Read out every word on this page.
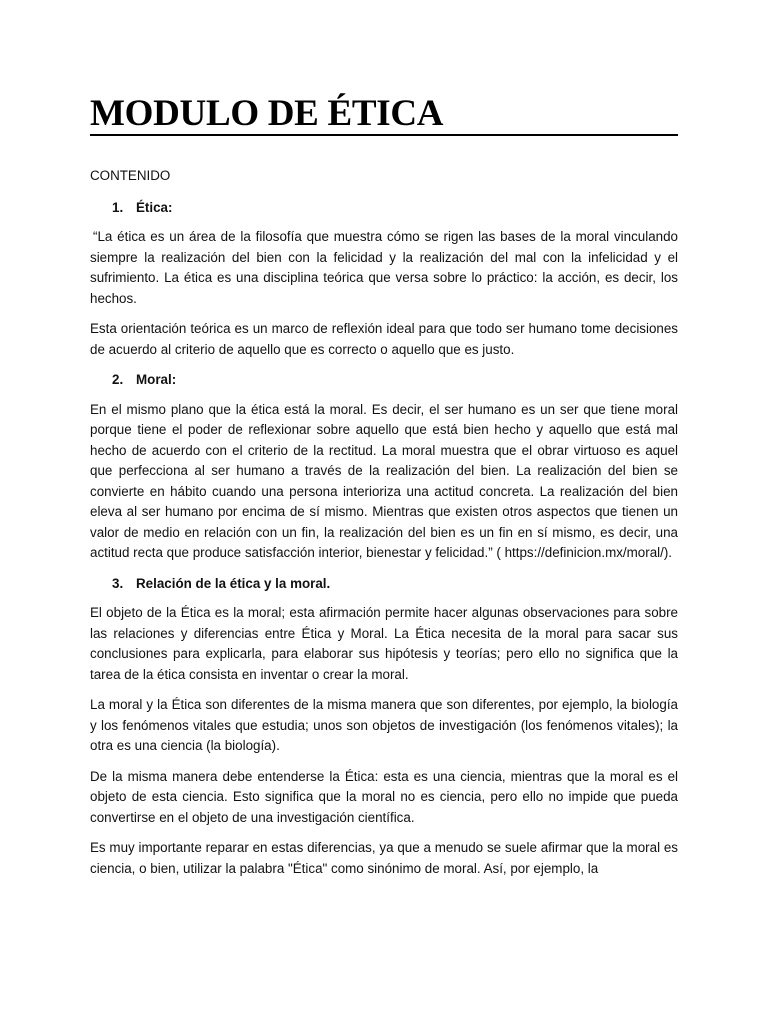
MODULO DE ÉTICA

CONTENIDO

1. Ética:

“La ética es un área de la filosofía que muestra cómo se rigen las bases de la moral vinculando siempre la realización del bien con la felicidad y la realización del mal con la infelicidad y el sufrimiento. La ética es una disciplina teórica que versa sobre lo práctico: la acción, es decir, los hechos.

Esta orientación teórica es un marco de reflexión ideal para que todo ser humano tome decisiones de acuerdo al criterio de aquello que es correcto o aquello que es justo.

2. Moral:

En el mismo plano que la ética está la moral. Es decir, el ser humano es un ser que tiene moral porque tiene el poder de reflexionar sobre aquello que está bien hecho y aquello que está mal hecho de acuerdo con el criterio de la rectitud. La moral muestra que el obrar virtuoso es aquel que perfecciona al ser humano a través de la realización del bien. La realización del bien se convierte en hábito cuando una persona interioriza una actitud concreta. La realización del bien eleva al ser humano por encima de sí mismo. Mientras que existen otros aspectos que tienen un valor de medio en relación con un fin, la realización del bien es un fin en sí mismo, es decir, una actitud recta que produce satisfacción interior, bienestar y felicidad.” ( https://definicion.mx/moral/).

3. Relación de la ética y la moral.

El objeto de la Ética es la moral; esta afirmación permite hacer algunas observaciones para sobre las relaciones y diferencias entre Ética y Moral. La Ética necesita de la moral para sacar sus conclusiones para explicarla, para elaborar sus hipótesis y teorías; pero ello no significa que la tarea de la ética consista en inventar o crear la moral.

La moral y la Ética son diferentes de la misma manera que son diferentes, por ejemplo, la biología y los fenómenos vitales que estudia; unos son objetos de investigación (los fenómenos vitales); la otra es una ciencia (la biología).

De la misma manera debe entenderse la Ética: esta es una ciencia, mientras que la moral es el objeto de esta ciencia. Esto significa que la moral no es ciencia, pero ello no impide que pueda convertirse en el objeto de una investigación científica.

Es muy importante reparar en estas diferencias, ya que a menudo se suele afirmar que la moral es ciencia, o bien, utilizar la palabra "Ética" como sinónimo de moral. Así, por ejemplo, la
